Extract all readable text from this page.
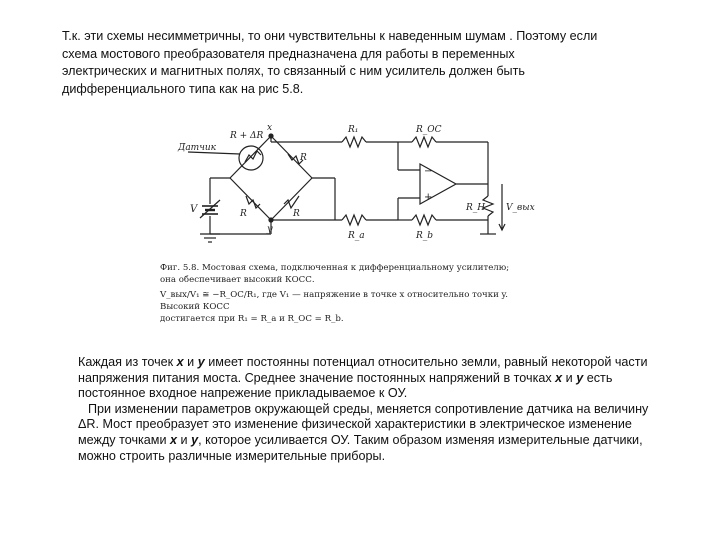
Т.к. эти схемы несимметричны, то они чувствительны к наведенным шумам . Поэтому если

схема мостового преобразователя предназначена для работы в переменных

электрических и магнитных полях, то связанный с ним усилитель должен быть

дифференциального типа как на рис 5.8.

−
+
Датчик
R + ΔR
x
y
R
R	R
V
R₁	R_OC
R_H V_вых
R_a	R_b
Фиг. 5.8. Мостовая схема, подключенная к дифференциальному усилителю;
она обеспечивает высокий КОСС.
V_вых/V₁ ≅ −R_OC/R₁, где V₁ — напряжение в точке x относительно точки y. Высокий КОСС
достигается при R₁ = R_a и R_OC = R_b.

Каждая из точек x и y имеет постоянны потенциал относительно земли, равный некоторой части напряжения питания моста. Среднее значение постоянных напряжений в точках x и y есть постоянное входное напрежение прикладываемое к ОУ.

При изменении параметров окружающей среды, меняется сопротивление датчика на величину ΔR. Мост преобразует это изменение физической характеристики в электрическое изменение между точками x и y, которое усиливается ОУ. Таким образом изменяя измерительные датчики, можно строить различные измерительные приборы.
